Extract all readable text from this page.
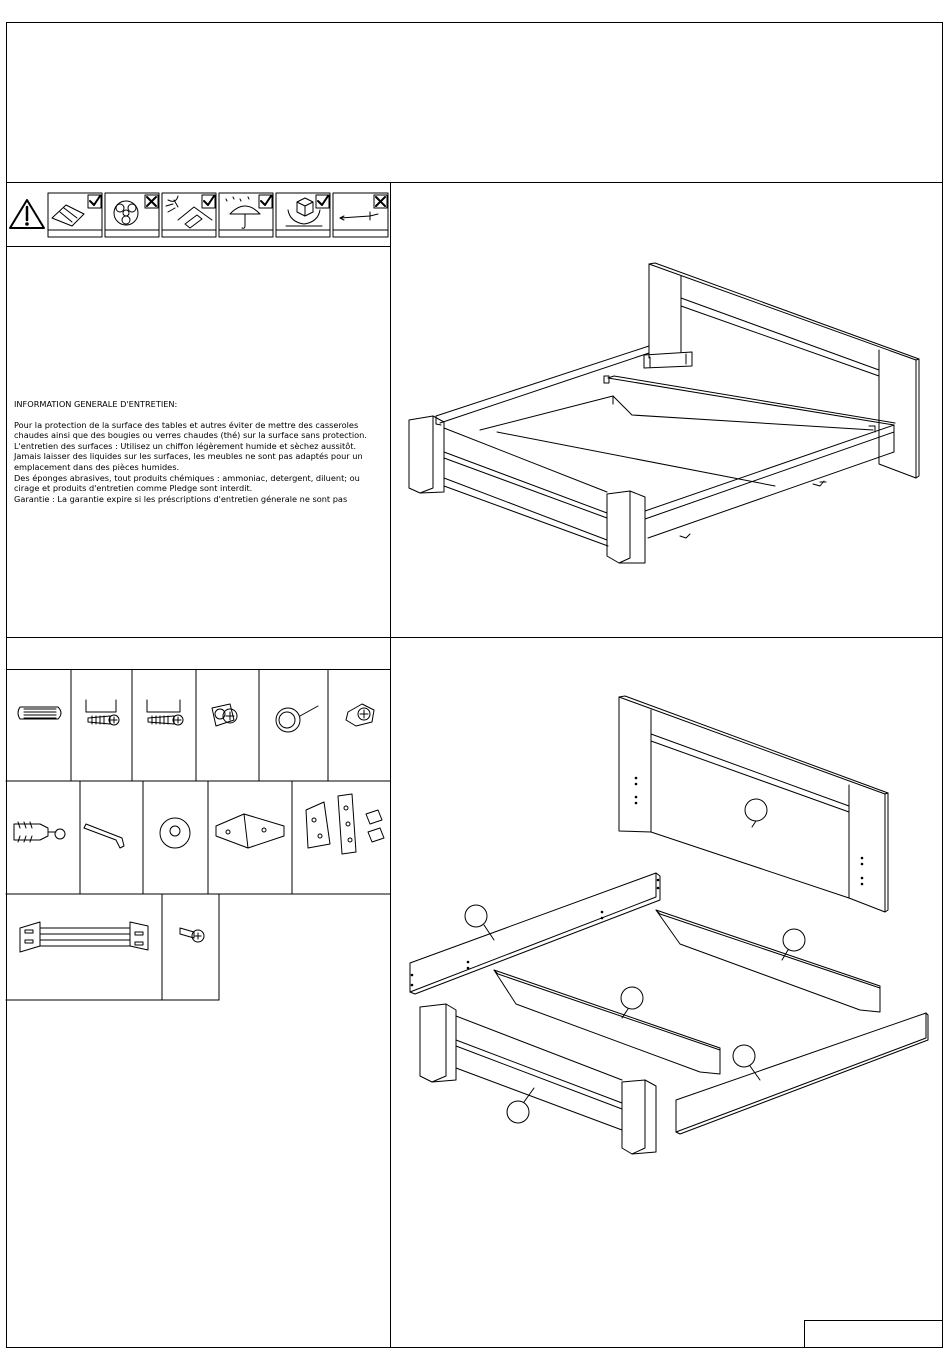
INFORMATION GENERALE D'ENTRETIEN:

Pour la protection de la surface des tables et autres éviter de mettre des casseroles
chaudes ainsi que des bougies ou verres chaudes (thé) sur la surface sans protection.
L'entretien des surfaces : Utilisez un chiffon légèrement humide et sèchez aussitôt.
Jamais laisser des liquides sur les surfaces, les meubles ne sont pas adaptés pour un
emplacement dans des pièces humides.
Des éponges abrasives, tout produits chémiques : ammoniac, detergent, diluent; ou
cirage et produits d'entretien comme Pledge sont interdit.
Garantie : La garantie expire si les préscriptions d'entretien génerale ne sont pas
